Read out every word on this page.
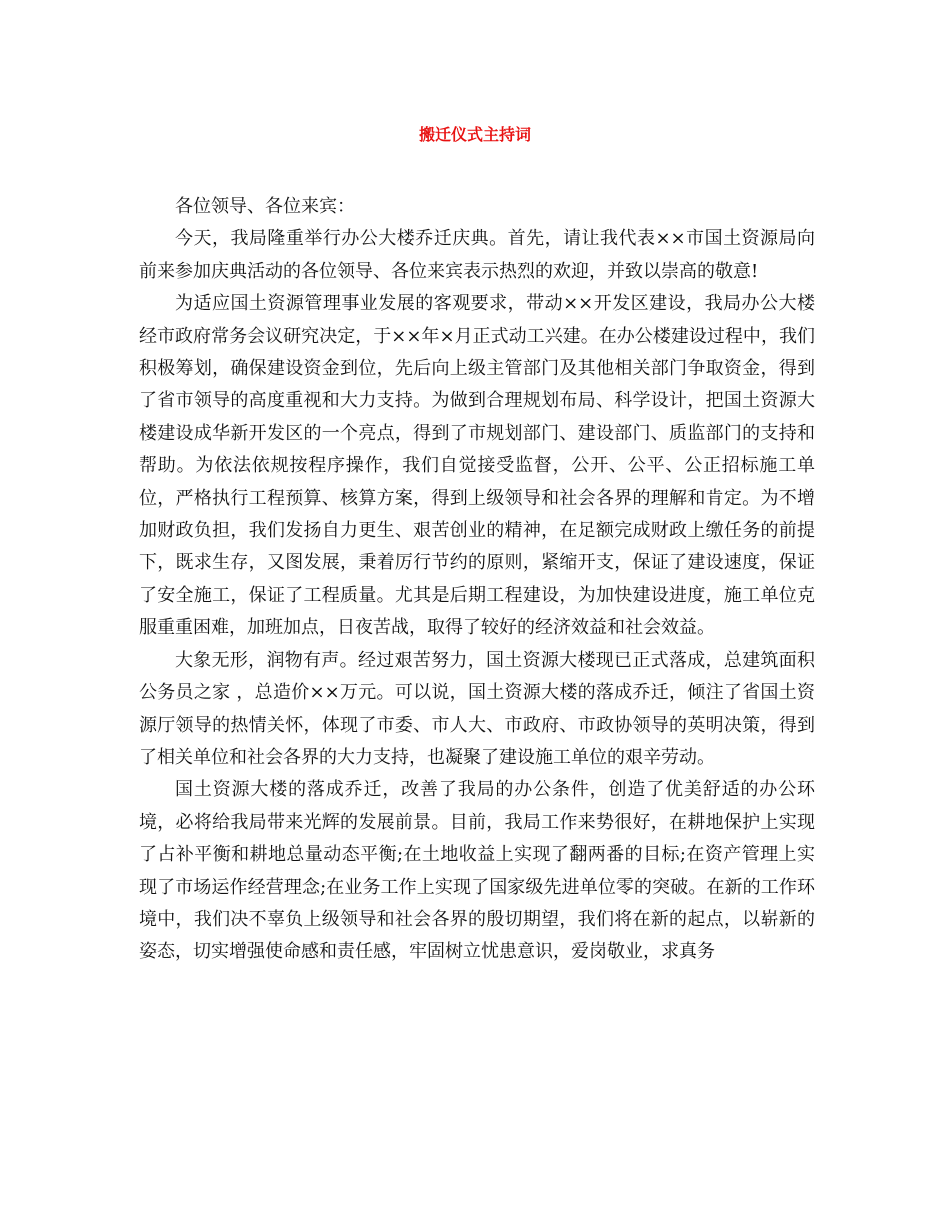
搬迁仪式主持词

各位领导、各位来宾：

今天，我局隆重举行办公大楼乔迁庆典。首先，请让我代表××市国土资源局向前来参加庆典活动的各位领导、各位来宾表示热烈的欢迎，并致以崇高的敬意!

为适应国土资源管理事业发展的客观要求，带动××开发区建设，我局办公大楼经市政府常务会议研究决定，于××年×月正式动工兴建。在办公楼建设过程中，我们积极筹划，确保建设资金到位，先后向上级主管部门及其他相关部门争取资金，得到了省市领导的高度重视和大力支持。为做到合理规划布局、科学设计，把国土资源大楼建设成华新开发区的一个亮点，得到了市规划部门、建设部门、质监部门的支持和帮助。为依法依规按程序操作，我们自觉接受监督，公开、公平、公正招标施工单位，严格执行工程预算、核算方案，得到上级领导和社会各界的理解和肯定。为不增加财政负担，我们发扬自力更生、艰苦创业的精神，在足额完成财政上缴任务的前提下，既求生存，又图发展，秉着厉行节约的原则，紧缩开支，保证了建设速度，保证了安全施工，保证了工程质量。尤其是后期工程建设，为加快建设进度，施工单位克服重重困难，加班加点，日夜苦战，取得了较好的经济效益和社会效益。

大象无形，润物有声。经过艰苦努力，国土资源大楼现已正式落成，总建筑面积公务员之家 ，总造价××万元。可以说，国土资源大楼的落成乔迁，倾注了省国土资源厅领导的热情关怀，体现了市委、市人大、市政府、市政协领导的英明决策，得到了相关单位和社会各界的大力支持，也凝聚了建设施工单位的艰辛劳动。

国土资源大楼的落成乔迁，改善了我局的办公条件，创造了优美舒适的办公环境，必将给我局带来光辉的发展前景。目前，我局工作来势很好，在耕地保护上实现了占补平衡和耕地总量动态平衡;在土地收益上实现了翻两番的目标;在资产管理上实现了市场运作经营理念;在业务工作上实现了国家级先进单位零的突破。在新的工作环境中，我们决不辜负上级领导和社会各界的殷切期望，我们将在新的起点，以崭新的姿态，切实增强使命感和责任感，牢固树立忧患意识，爱岗敬业，求真务
